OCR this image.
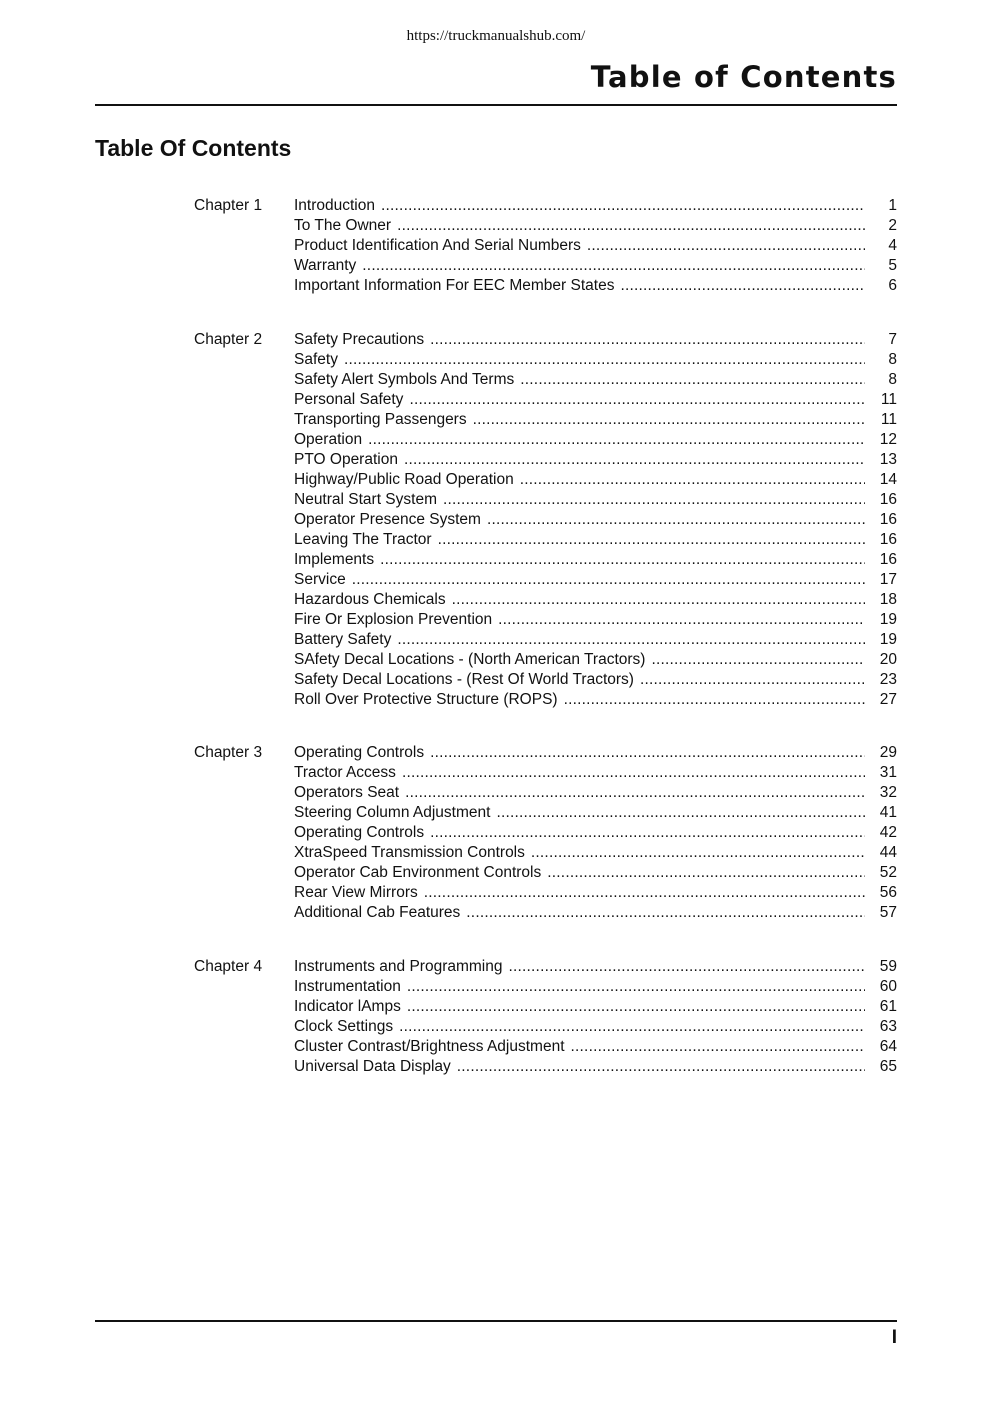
https://truckmanualshub.com/
Table of Contents
Table Of Contents
Chapter 1	Introduction . . .	1
To The Owner . . .	2
Product Identification And Serial Numbers . . .	4
Warranty . . .	5
Important Information For EEC Member States . . .	6
Chapter 2	Safety Precautions . . .	7
Safety . . .	8
Safety Alert Symbols And Terms . . .	8
Personal Safety . . .	11
Transporting Passengers . . .	11
Operation . . .	12
PTO Operation . . .	13
Highway/Public Road Operation . . .	14
Neutral Start System . . .	16
Operator Presence System . . .	16
Leaving The Tractor . . .	16
Implements . . .	16
Service . . .	17
Hazardous Chemicals . . .	18
Fire Or Explosion Prevention . . .	19
Battery Safety . . .	19
SAfety Decal Locations - (North American Tractors) . . .	20
Safety Decal Locations - (Rest Of World Tractors) . . .	23
Roll Over Protective Structure (ROPS) . . .	27
Chapter 3	Operating Controls . . .	29
Tractor Access . . .	31
Operators Seat . . .	32
Steering Column Adjustment . . .	41
Operating Controls . . .	42
XtraSpeed Transmission Controls . . .	44
Operator Cab Environment Controls . . .	52
Rear View Mirrors . . .	56
Additional Cab Features . . .	57
Chapter 4	Instruments and Programming . . .	59
Instrumentation . . .	60
Indicator lAmps . . .	61
Clock Settings . . .	63
Cluster Contrast/Brightness Adjustment . . .	64
Universal Data Display . . .	65
I
